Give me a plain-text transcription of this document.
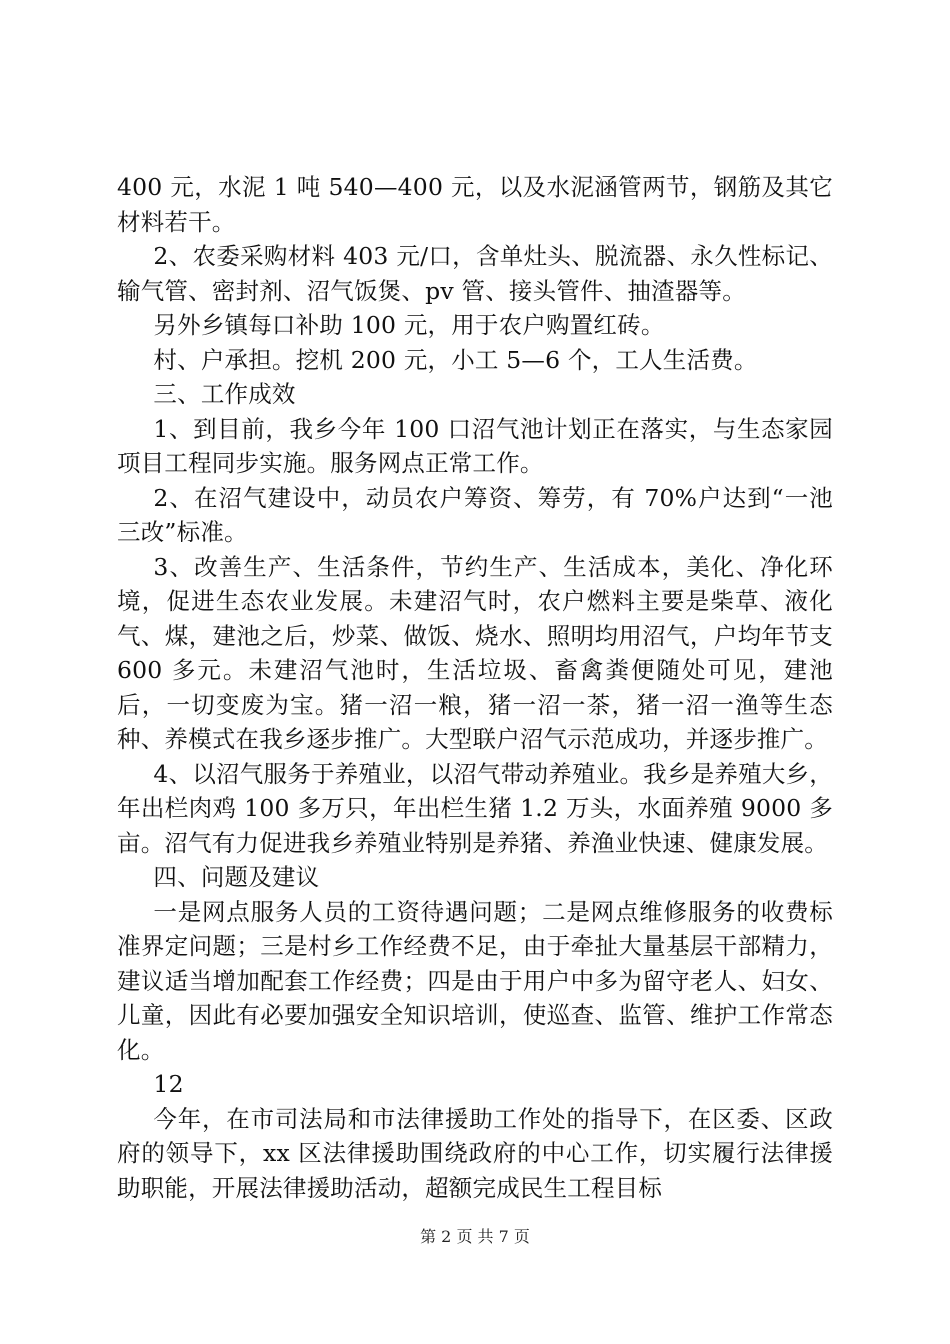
400 元，水泥 1 吨 540—400 元，以及水泥涵管两节，钢筋及其它材料若干。

2、农委采购材料 403 元/口，含单灶头、脱流器、永久性标记、输气管、密封剂、沼气饭煲、pv 管、接头管件、抽渣器等。

另外乡镇每口补助 100 元，用于农户购置红砖。

村、户承担。挖机 200 元，小工 5—6 个，工人生活费。

三、工作成效

1、到目前，我乡今年 100 口沼气池计划正在落实，与生态家园项目工程同步实施。服务网点正常工作。

2、在沼气建设中，动员农户筹资、筹劳，有 70%户达到“一池三改”标准。

3、改善生产、生活条件，节约生产、生活成本，美化、净化环境，促进生态农业发展。未建沼气时，农户燃料主要是柴草、液化气、煤，建池之后，炒菜、做饭、烧水、照明均用沼气，户均年节支 600 多元。未建沼气池时，生活垃圾、畜禽粪便随处可见，建池后，一切变废为宝。猪一沼一粮，猪一沼一茶，猪一沼一渔等生态种、养模式在我乡逐步推广。大型联户沼气示范成功，并逐步推广。

4、以沼气服务于养殖业，以沼气带动养殖业。我乡是养殖大乡，年出栏肉鸡 100 多万只，年出栏生猪 1.2 万头，水面养殖 9000 多亩。沼气有力促进我乡养殖业特别是养猪、养渔业快速、健康发展。

四、问题及建议

一是网点服务人员的工资待遇问题；二是网点维修服务的收费标准界定问题；三是村乡工作经费不足，由于牵扯大量基层干部精力，建议适当增加配套工作经费；四是由于用户中多为留守老人、妇女、儿童，因此有必要加强安全知识培训，使巡查、监管、维护工作常态化。

12

今年，在市司法局和市法律援助工作处的指导下，在区委、区政府的领导下，xx 区法律援助围绕政府的中心工作，切实履行法律援助职能，开展法律援助活动，超额完成民生工程目标

第 2 页 共 7 页
